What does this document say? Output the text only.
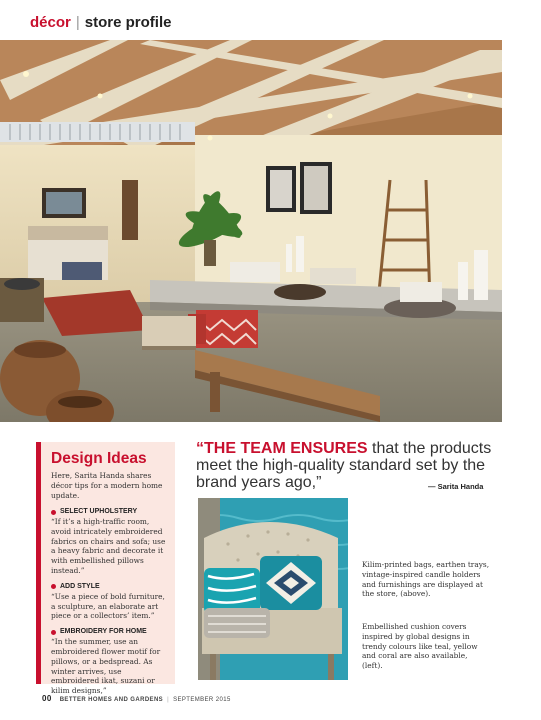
décor | store profile
Design Ideas
Here, Sarita Handa shares décor tips for a modern home update.
SELECT UPHOLSTERY
“If it’s a high-traffic room, avoid intricately embroidered fabrics on chairs and sofa; use a heavy fabric and decorate it with embellished pillows instead.”
ADD STYLE
“Use a piece of bold furniture, a sculpture, an elaborate art piece or a collectors’ item.”
EMBROIDERY FOR HOME
“In the summer, use an embroidered flower motif for pillows, or a bedspread. As winter arrives, use embroidered ikat, suzani or kilim designs,”
“THE TEAM ENSURES that the products meet the high-quality standard set by the brand years ago,”	— Sarita Handa
Kilim-printed bags, earthen trays, vintage-inspired candle holders and furnishings are displayed at the store, (above).
Embellished cushion covers inspired by global designs in trendy colours like teal, yellow and coral are also available, (left).
00 BETTER HOMES AND GARDENS | SEPTEMBER 2015
